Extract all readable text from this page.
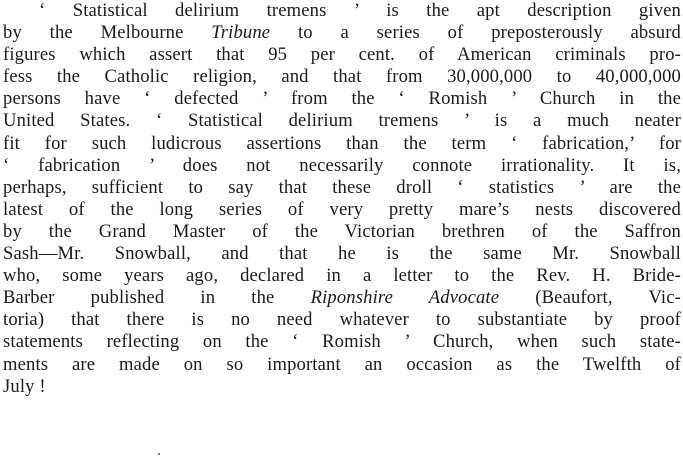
‘ Statistical delirium tremens ’ is the apt description given
by the Melbourne Tribune to a series of preposterously absurd
figures which assert that 95 per cent. of American criminals pro-
fess the Catholic religion, and that from 30,000,000 to 40,000,000
persons have ‘ defected ’ from the ‘ Romish ’ Church in the
United States. ‘ Statistical delirium tremens ’ is a much neater
fit for such ludicrous assertions than the term ‘ fabrication,’ for
‘ fabrication ’ does not necessarily connote irrationality. It is,
perhaps, sufficient to say that these droll ‘ statistics ’ are the
latest of the long series of very pretty mare’s nests discovered
by the Grand Master of the Victorian brethren of the Saffron
Sash—Mr. Snowball, and that he is the same Mr. Snowball
who, some years ago, declared in a letter to the Rev. H. Bride-
Barber published in the Riponshire Advocate (Beaufort, Vic-
toria) that there is no need whatever to substantiate by proof
statements reflecting on the ‘ Romish ’ Church, when such state-
ments are made on so important an occasion as the Twelfth of
July !
